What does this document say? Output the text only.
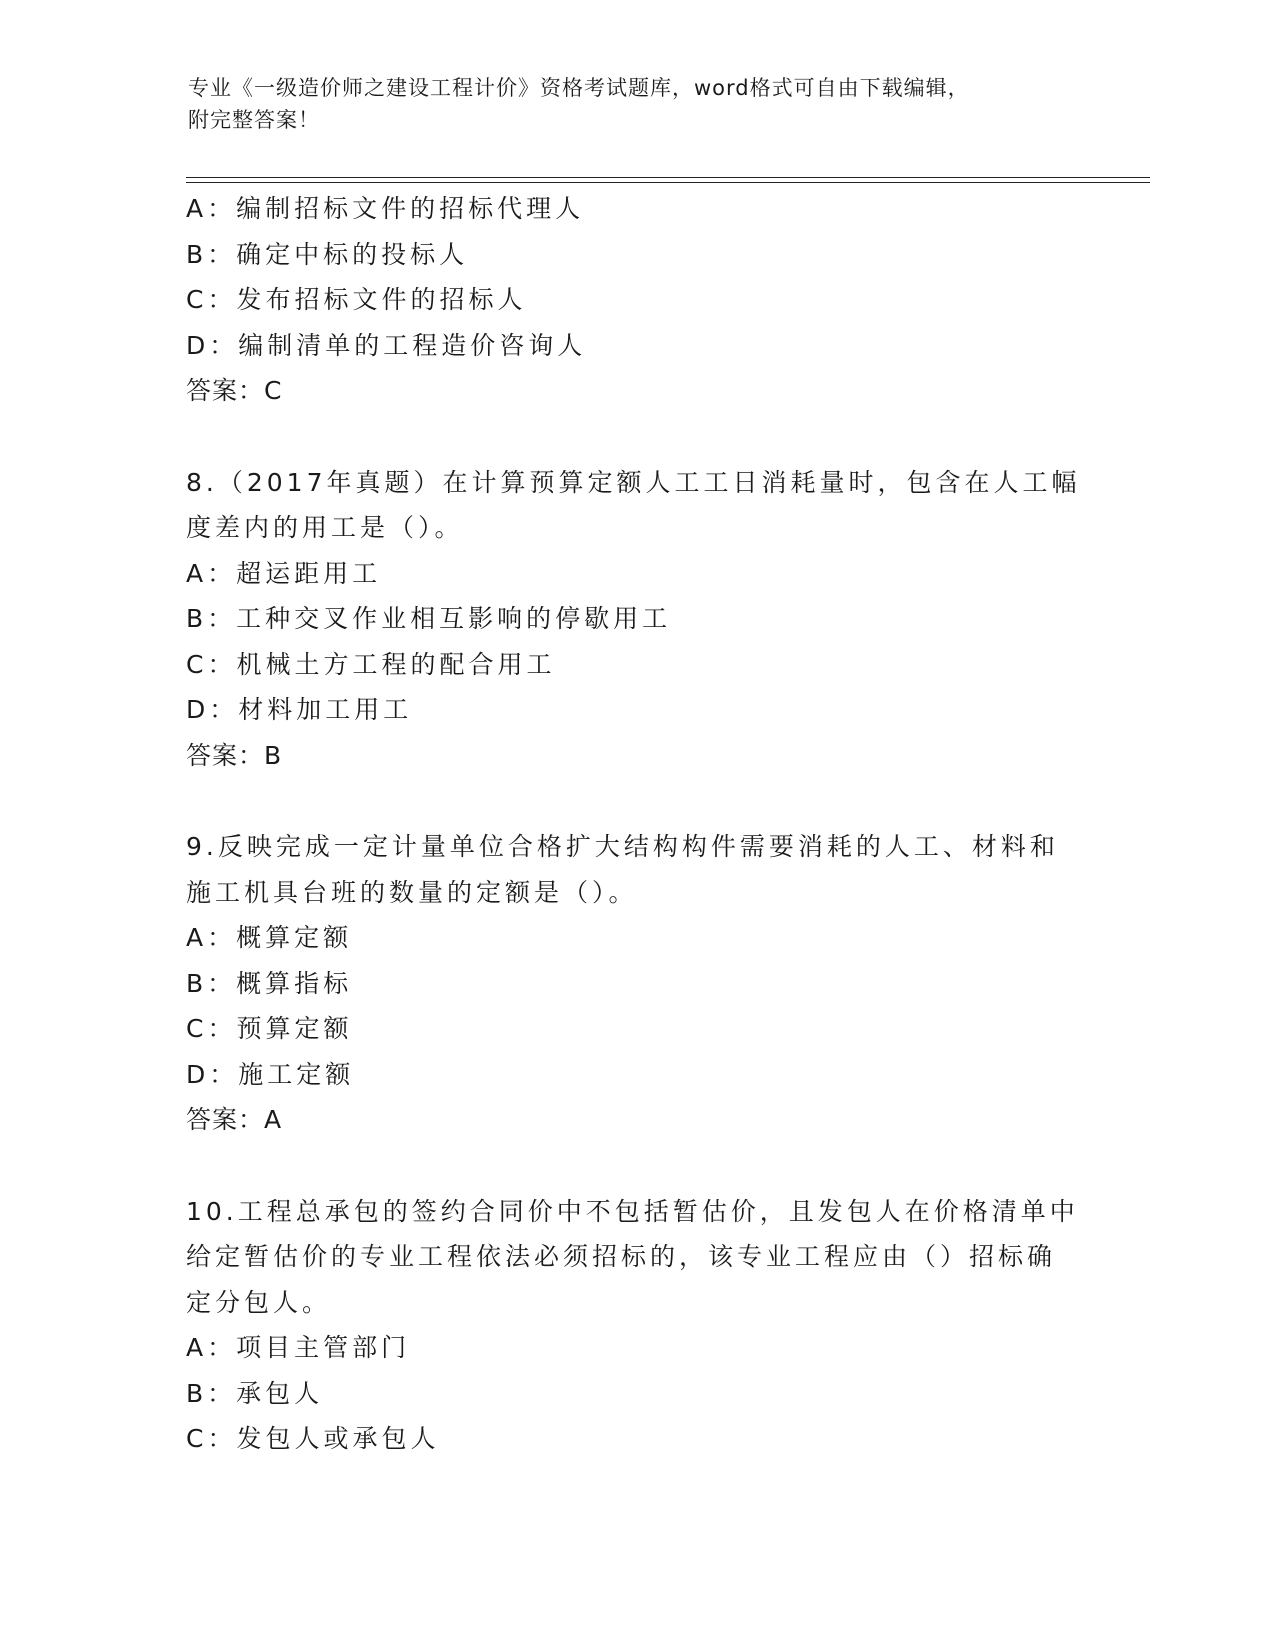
专业《一级造价师之建设工程计价》资格考试题库，word格式可自由下载编辑，
附完整答案！
A：编制招标文件的招标代理人
B：确定中标的投标人
C：发布招标文件的招标人
D：编制清单的工程造价咨询人
答案：C
8.（2017年真题）在计算预算定额人工工日消耗量时，包含在人工幅
度差内的用工是（）。
A：超运距用工
B：工种交叉作业相互影响的停歇用工
C：机械土方工程的配合用工
D：材料加工用工
答案：B
9.反映完成一定计量单位合格扩大结构构件需要消耗的人工、材料和
施工机具台班的数量的定额是（）。
A：概算定额
B：概算指标
C：预算定额
D：施工定额
答案：A
10.工程总承包的签约合同价中不包括暂估价，且发包人在价格清单中
给定暂估价的专业工程依法必须招标的，该专业工程应由（）招标确
定分包人。
A：项目主管部门
B：承包人
C：发包人或承包人
